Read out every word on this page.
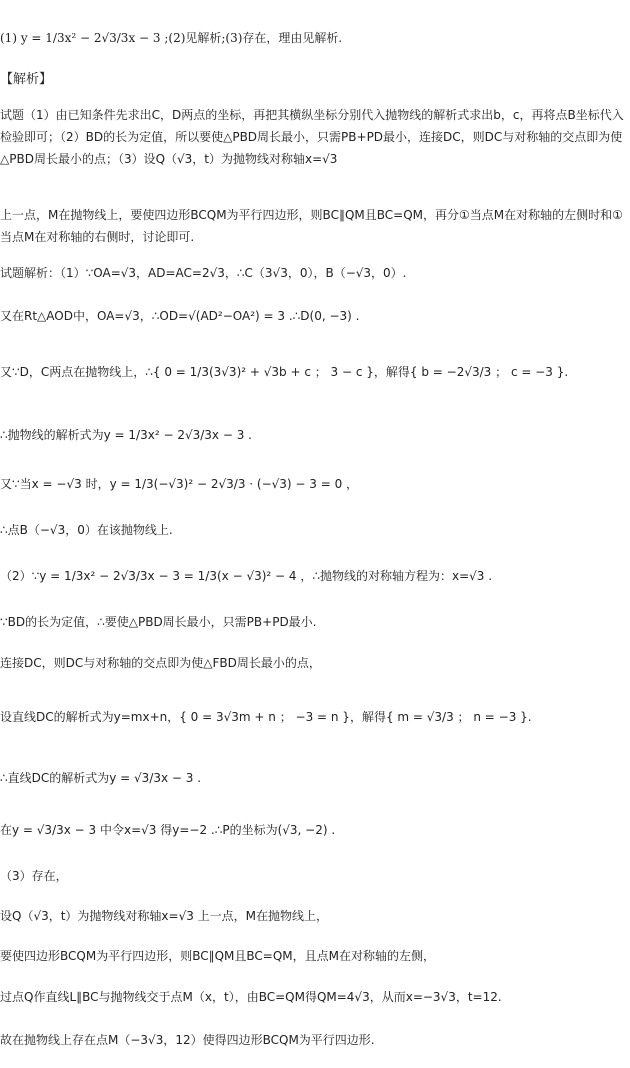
(1) y = 1/3x² − 2√3/3x − 3 ;(2)见解析;(3)存在，理由见解析.
【解析】
试题（1）由已知条件先求出C，D两点的坐标，再把其横纵坐标分别代入抛物线的解析式求出b，c，再将点B坐标代入检验即可；（2）BD的长为定值，所以要使△PBD周长最小，只需PB+PD最小，连接DC，则DC与对称轴的交点即为使△PBD周长最小的点；（3）设Q（√3，t）为抛物线对称轴x=√3
上一点，M在抛物线上，要使四边形BCQM为平行四边形，则BC∥QM且BC=QM，再分①当点M在对称轴的左侧时和①当点M在对称轴的右侧时，讨论即可.
试题解析：（1）∵OA=√3，AD=AC=2√3，∴C（3√3，0），B（−√3，0）.
又在Rt△AOD中，OA=√3，∴OD=√(AD²−OA²) = 3 .∴D(0, −3) .
又∵D，C两点在抛物线上，∴{ 0 = 1/3(3√3)² + √3b + c ； 3 − c }，解得{ b = −2√3/3 ； c = −3 }.
∴抛物线的解析式为y = 1/3x² − 2√3/3x − 3 .
又∵当x = −√3 时，y = 1/3(−√3)² − 2√3/3 · (−√3) − 3 = 0 ，
∴点B（−√3，0）在该抛物线上.
（2）∵y = 1/3x² − 2√3/3x − 3 = 1/3(x − √3)² − 4 ，∴抛物线的对称轴方程为：x=√3 .
∵BD的长为定值，∴要使△PBD周长最小，只需PB+PD最小.
连接DC，则DC与对称轴的交点即为使△FBD周长最小的点，
设直线DC的解析式为y=mx+n，{ 0 = 3√3m + n ； −3 = n }，解得{ m = √3/3 ； n = −3 }.
∴直线DC的解析式为y = √3/3x − 3 .
在y = √3/3x − 3 中令x=√3 得y=−2 .∴P的坐标为(√3, −2) .
（3）存在，
设Q（√3，t）为抛物线对称轴x=√3 上一点，M在抛物线上，
要使四边形BCQM为平行四边形，则BC∥QM且BC=QM，且点M在对称轴的左侧，
过点Q作直线L∥BC与抛物线交于点M（x，t），由BC=QM得QM=4√3，从而x=−3√3，t=12.
故在抛物线上存在点M（−3√3，12）使得四边形BCQM为平行四边形.
